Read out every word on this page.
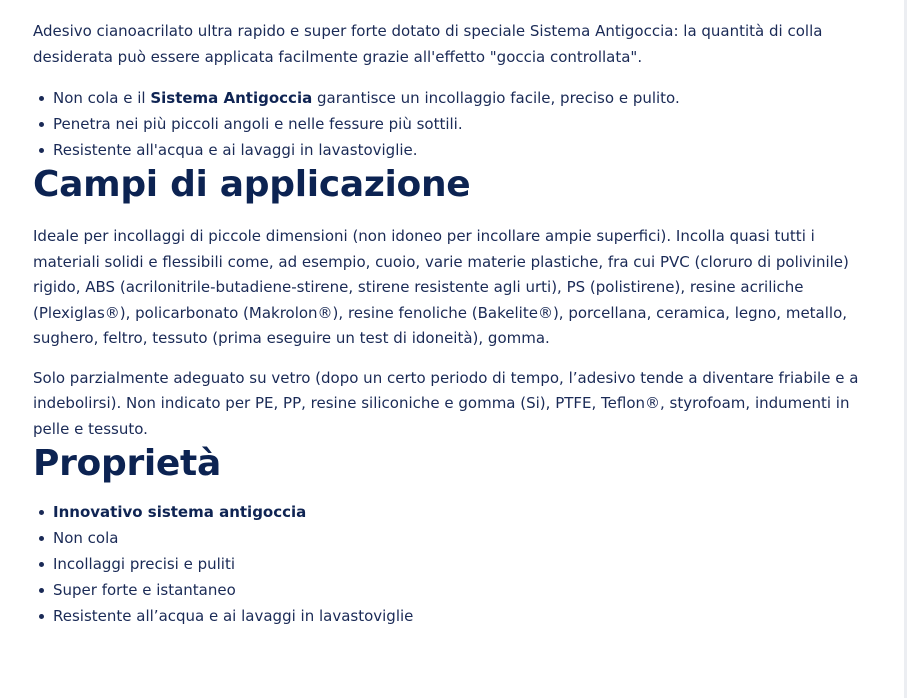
Adesivo cianoacrilato ultra rapido e super forte dotato di speciale Sistema Antigoccia: la quantità di colla desiderata può essere applicata facilmente grazie all'effetto "goccia controllata".

Non cola e il Sistema Antigoccia garantisce un incollaggio facile, preciso e pulito.
Penetra nei più piccoli angoli e nelle fessure più sottili.
Resistente all'acqua e ai lavaggi in lavastoviglie.
Campi di applicazione

Ideale per incollaggi di piccole dimensioni (non idoneo per incollare ampie superfici). Incolla quasi tutti i materiali solidi e flessibili come, ad esempio, cuoio, varie materie plastiche, fra cui PVC (cloruro di polivinile) rigido, ABS (acrilonitrile-butadiene-stirene, stirene resistente agli urti), PS (polistirene), resine acriliche (Plexiglas®), policarbonato (Makrolon®), resine fenoliche (Bakelite®), porcellana, ceramica, legno, metallo, sughero, feltro, tessuto (prima eseguire un test di idoneità), gomma.

Solo parzialmente adeguato su vetro (dopo un certo periodo di tempo, l’adesivo tende a diventare friabile e a indebolirsi). Non indicato per PE, PP, resine siliconiche e gomma (Si), PTFE, Teflon®, styrofoam, indumenti in pelle e tessuto.

Proprietà
Innovativo sistema antigoccia
Non cola
Incollaggi precisi e puliti
Super forte e istantaneo
Resistente all’acqua e ai lavaggi in lavastoviglie
